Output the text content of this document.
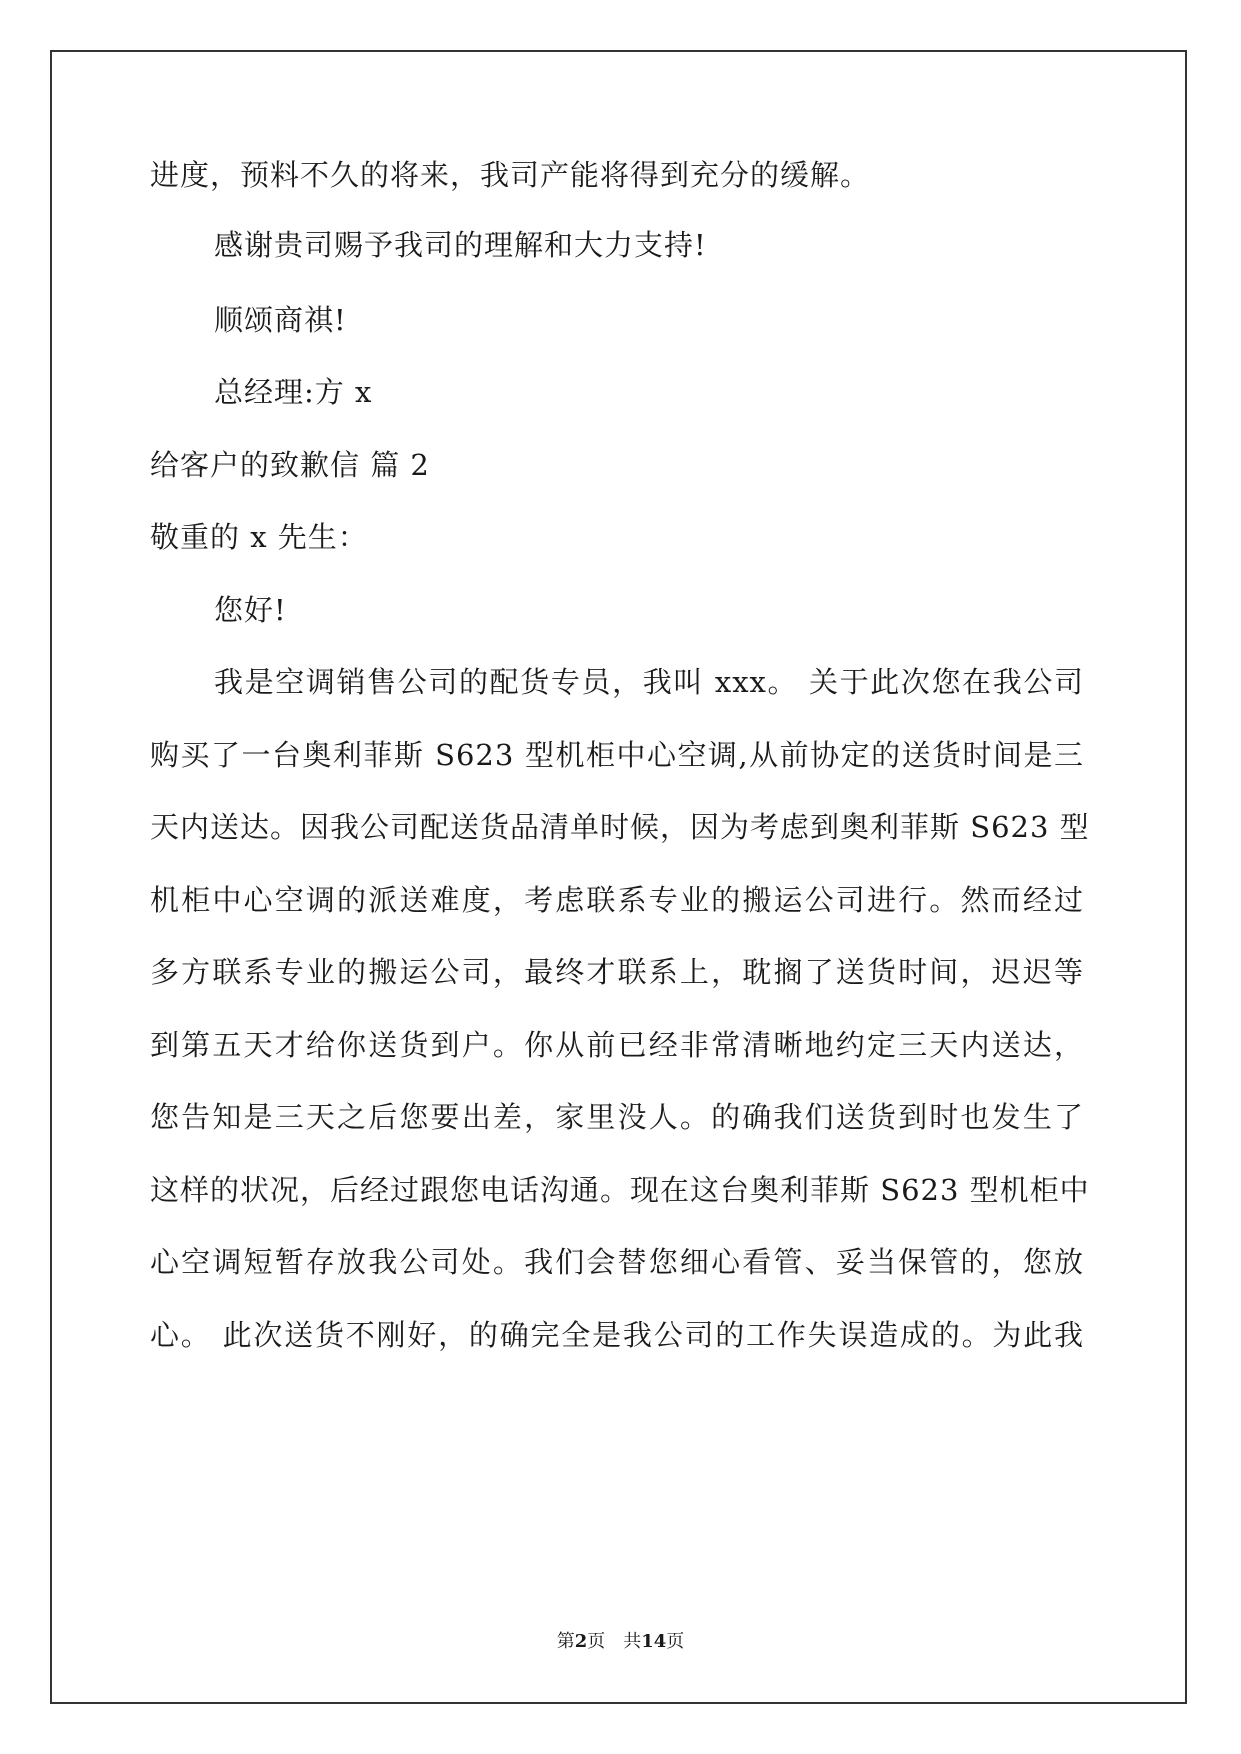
进度，预料不久的将来，我司产能将得到充分的缓解。
感谢贵司赐予我司的理解和大力支持!
顺颂商祺!
总经理:方 x
给客户的致歉信 篇 2
敬重的 x 先生：
您好!
我是空调销售公司的配货专员，我叫 xxx。 关于此次您在我公司
购买了一台奥利菲斯 S623 型机柜中心空调,从前协定的送货时间是三
天内送达。因我公司配送货品清单时候，因为考虑到奥利菲斯 S623 型
机柜中心空调的派送难度，考虑联系专业的搬运公司进行。然而经过
多方联系专业的搬运公司，最终才联系上，耽搁了送货时间，迟迟等
到第五天才给你送货到户。你从前已经非常清晰地约定三天内送达，
您告知是三天之后您要出差，家里没人。的确我们送货到时也发生了
这样的状况，后经过跟您电话沟通。现在这台奥利菲斯 S623 型机柜中
心空调短暂存放我公司处。我们会替您细心看管、妥当保管的，您放
心。 此次送货不刚好，的确完全是我公司的工作失误造成的。为此我
第2页 共14页
